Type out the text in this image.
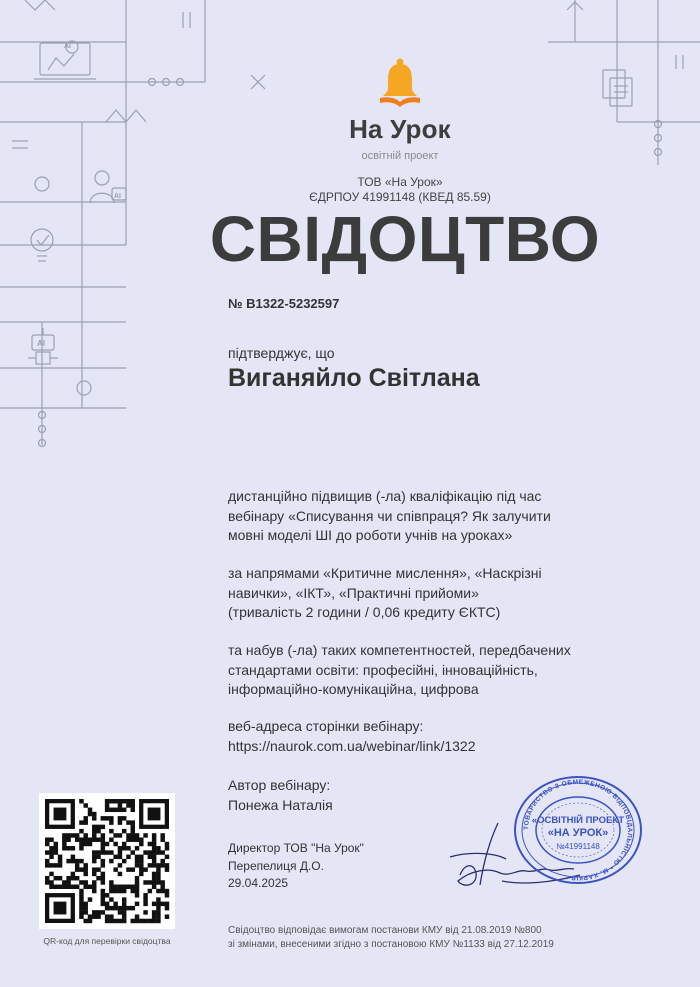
AI
AI
AI
На Урок
освітній проект
ТОВ «На Урок»
ЄДРПОУ 41991148 (КВЕД 85.59)
СВІДОЦТВО
№ В1322-5232597
підтверджує, що
Виганяйло Світлана
дистанційно підвищив (-ла) кваліфікацію під час
вебінару «Списування чи співпраця? Як залучити
мовні моделі ШІ до роботи учнів на уроках»
за напрямами «Критичне мислення», «Наскрізні
навички», «ІКТ», «Практичні прийоми»
(тривалість 2 години / 0,06 кредиту ЄКТС)
та набув (-ла) таких компетентностей, передбачених
стандартами освіти: професійні, інноваційність,
інформаційно-комунікаційна, цифрова
веб-адреса сторінки вебінару:
https://naurok.com.ua/webinar/link/1322
Автор вебінару:
Понежа Наталія
Директор ТОВ "На Урок"
Перепелиця Д.О.
29.04.2025
QR-код для перевірки свідоцтва
ТОВАРИСТВО З ОБМЕЖЕНОЮ ВІДПОВІДАЛЬНІСТЮ * М. ХАРКІВ *
«ОСВІТНІЙ ПРОЕКТ
«НА УРОК»
№41991148
Свідоцтво відповідає вимогам постанови КМУ від 21.08.2019 №800
зі змінами, внесеними згідно з постановою КМУ №1133 від 27.12.2019
